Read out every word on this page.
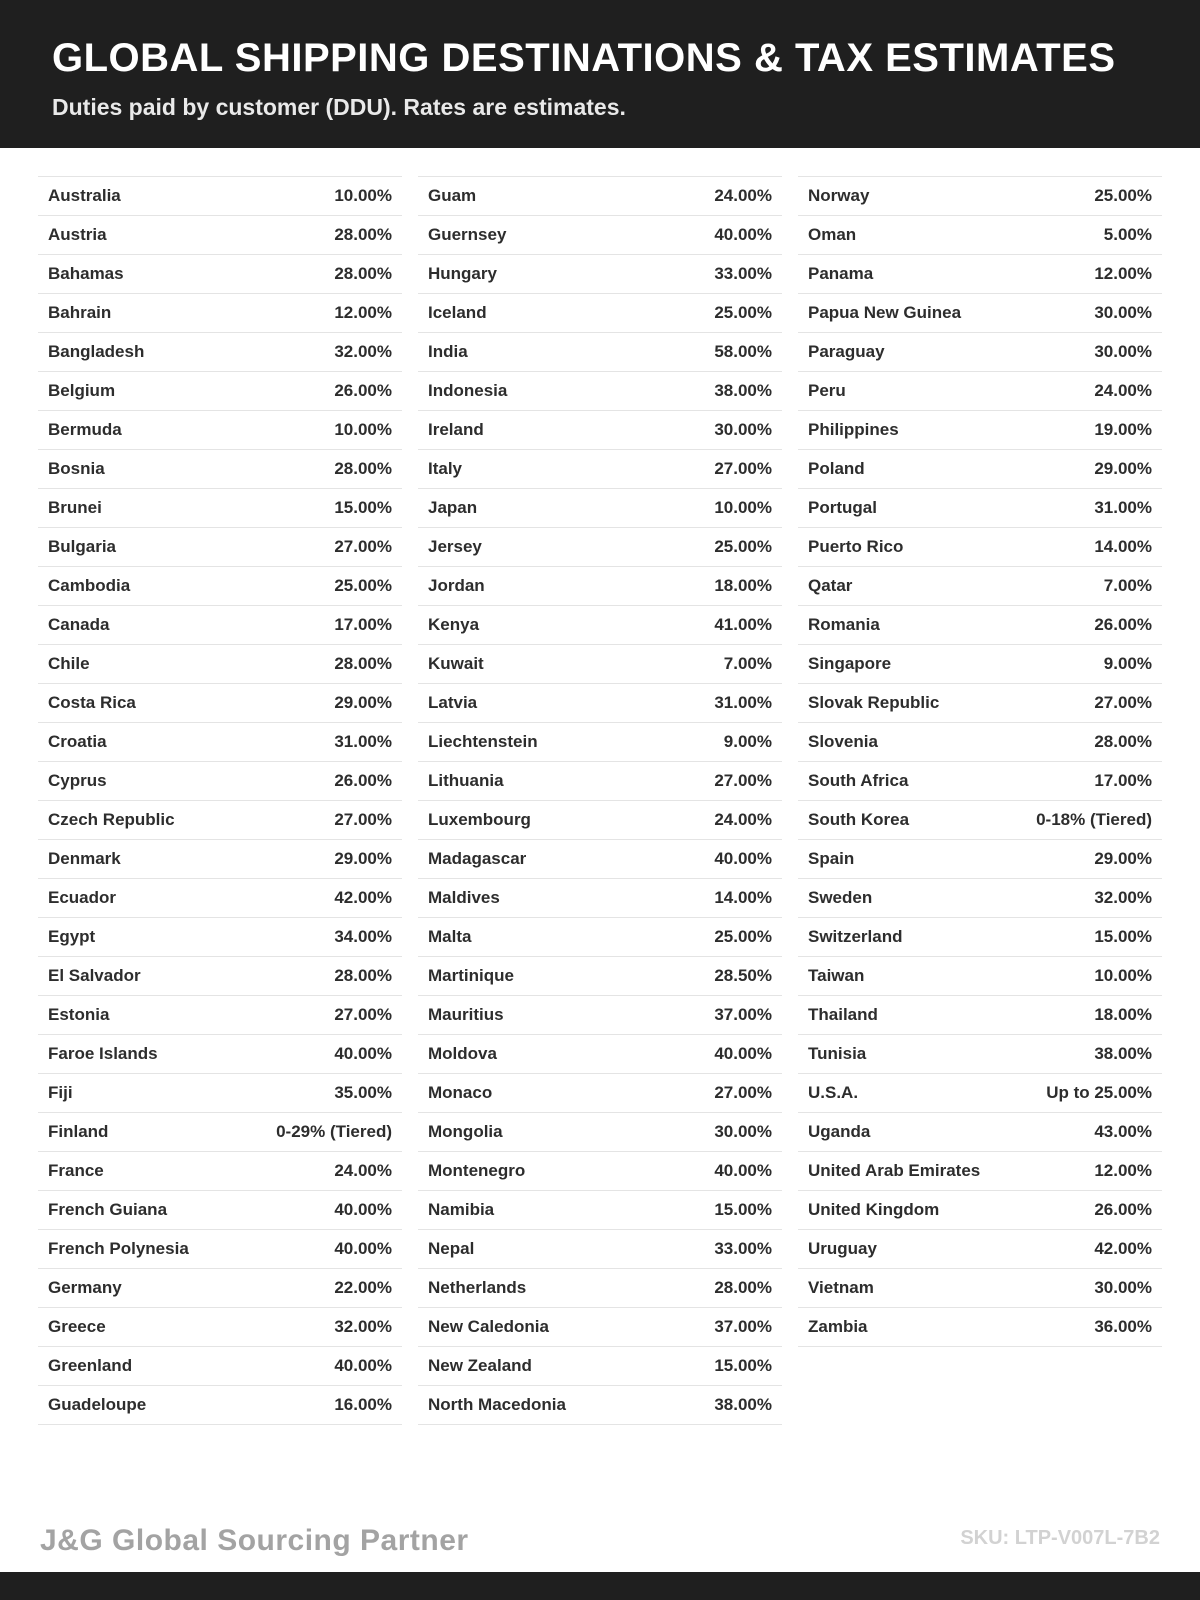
GLOBAL SHIPPING DESTINATIONS & TAX ESTIMATES
Duties paid by customer (DDU). Rates are estimates.
Australia	10.00%
Austria	28.00%
Bahamas	28.00%
Bahrain	12.00%
Bangladesh	32.00%
Belgium	26.00%
Bermuda	10.00%
Bosnia	28.00%
Brunei	15.00%
Bulgaria	27.00%
Cambodia	25.00%
Canada	17.00%
Chile	28.00%
Costa Rica	29.00%
Croatia	31.00%
Cyprus	26.00%
Czech Republic	27.00%
Denmark	29.00%
Ecuador	42.00%
Egypt	34.00%
El Salvador	28.00%
Estonia	27.00%
Faroe Islands	40.00%
Fiji	35.00%
Finland	0-29% (Tiered)
France	24.00%
French Guiana	40.00%
French Polynesia	40.00%
Germany	22.00%
Greece	32.00%
Greenland	40.00%
Guadeloupe	16.00%
Guam	24.00%
Guernsey	40.00%
Hungary	33.00%
Iceland	25.00%
India	58.00%
Indonesia	38.00%
Ireland	30.00%
Italy	27.00%
Japan	10.00%
Jersey	25.00%
Jordan	18.00%
Kenya	41.00%
Kuwait	7.00%
Latvia	31.00%
Liechtenstein	9.00%
Lithuania	27.00%
Luxembourg	24.00%
Madagascar	40.00%
Maldives	14.00%
Malta	25.00%
Martinique	28.50%
Mauritius	37.00%
Moldova	40.00%
Monaco	27.00%
Mongolia	30.00%
Montenegro	40.00%
Namibia	15.00%
Nepal	33.00%
Netherlands	28.00%
New Caledonia	37.00%
New Zealand	15.00%
North Macedonia	38.00%
Norway	25.00%
Oman	5.00%
Panama	12.00%
Papua New Guinea	30.00%
Paraguay	30.00%
Peru	24.00%
Philippines	19.00%
Poland	29.00%
Portugal	31.00%
Puerto Rico	14.00%
Qatar	7.00%
Romania	26.00%
Singapore	9.00%
Slovak Republic	27.00%
Slovenia	28.00%
South Africa	17.00%
South Korea	0-18% (Tiered)
Spain	29.00%
Sweden	32.00%
Switzerland	15.00%
Taiwan	10.00%
Thailand	18.00%
Tunisia	38.00%
U.S.A.	Up to 25.00%
Uganda	43.00%
United Arab Emirates	12.00%
United Kingdom	26.00%
Uruguay	42.00%
Vietnam	30.00%
Zambia	36.00%
J&G Global Sourcing Partner	SKU: LTP-V007L-7B2
